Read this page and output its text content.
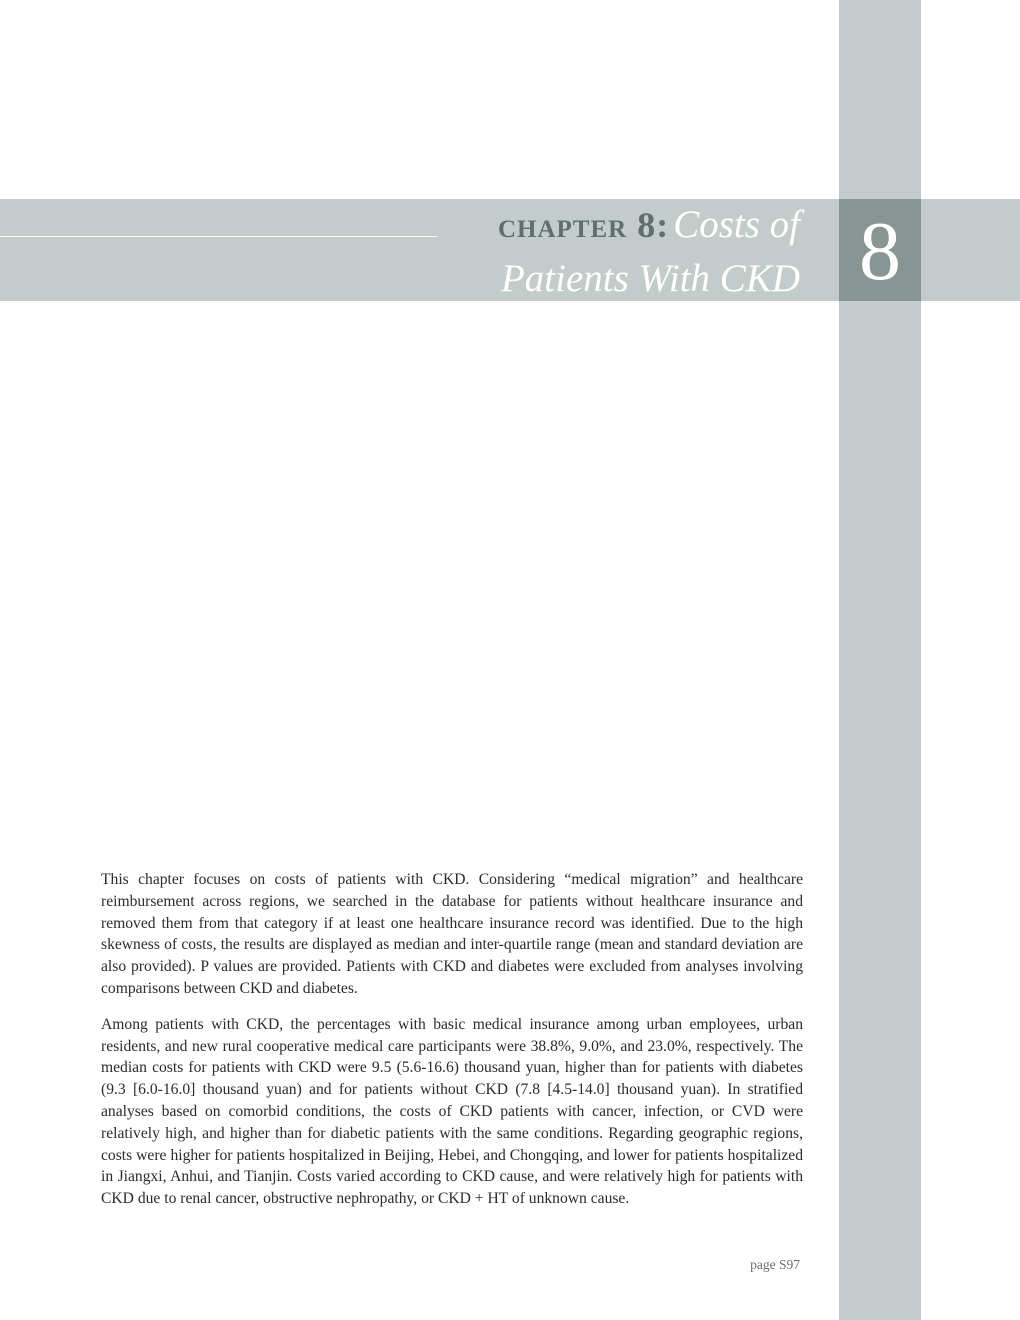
chapter 8: Costs of
Patients With CKD 8

This chapter focuses on costs of patients with CKD. Considering “medical migration” and healthcare reimbursement across regions, we searched in the database for patients without healthcare insurance and removed them from that category if at least one healthcare insurance record was identified. Due to the high skewness of costs, the results are displayed as median and inter-quartile range (mean and standard deviation are also provided). P values are provided. Patients with CKD and diabetes were excluded from analyses involving comparisons between CKD and diabetes.

Among patients with CKD, the percentages with basic medical insurance among urban employees, urban residents, and new rural cooperative medical care participants were 38.8%, 9.0%, and 23.0%, respectively. The median costs for patients with CKD were 9.5 (5.6-16.6) thousand yuan, higher than for patients with diabetes (9.3 [6.0-16.0] thousand yuan) and for patients without CKD (7.8 [4.5-14.0] thousand yuan). In stratified analyses based on comorbid conditions, the costs of CKD patients with cancer, infection, or CVD were relatively high, and higher than for diabetic patients with the same conditions. Regarding geographic regions, costs were higher for patients hospitalized in Beijing, Hebei, and Chongqing, and lower for patients hospitalized in Jiangxi, Anhui, and Tianjin. Costs varied according to CKD cause, and were relatively high for patients with CKD due to renal cancer, obstructive nephropathy, or CKD + HT of unknown cause.

page S97
